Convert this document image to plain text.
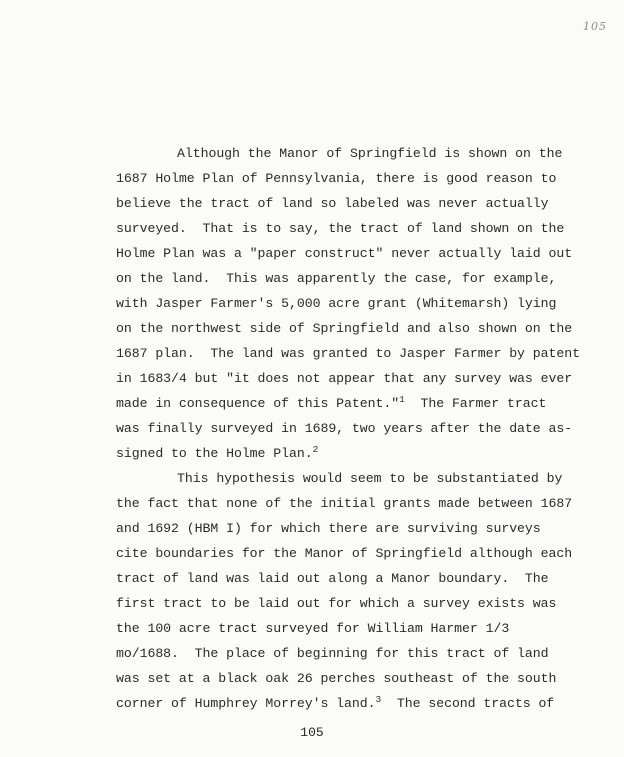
105
Although the Manor of Springfield is shown on the
1687 Holme Plan of Pennsylvania, there is good reason to
believe the tract of land so labeled was never actually
surveyed.  That is to say, the tract of land shown on the
Holme Plan was a "paper construct" never actually laid out
on the land.  This was apparently the case, for example,
with Jasper Farmer's 5,000 acre grant (Whitemarsh) lying
on the northwest side of Springfield and also shown on the
1687 plan.  The land was granted to Jasper Farmer by patent
in 1683/4 but "it does not appear that any survey was ever
made in consequence of this Patent."$^1$  The Farmer tract
was finally surveyed in 1689, two years after the date as-
signed to the Holme Plan.$^2$
This hypothesis would seem to be substantiated by
the fact that none of the initial grants made between 1687
and 1692 (HBM I) for which there are surviving surveys
cite boundaries for the Manor of Springfield although each
tract of land was laid out along a Manor boundary.  The
first tract to be laid out for which a survey exists was
the 100 acre tract surveyed for William Harmer 1/3
mo/1688.  The place of beginning for this tract of land
was set at a black oak 26 perches southeast of the south
corner of Humphrey Morrey's land.$^3$  The second tracts of
105
